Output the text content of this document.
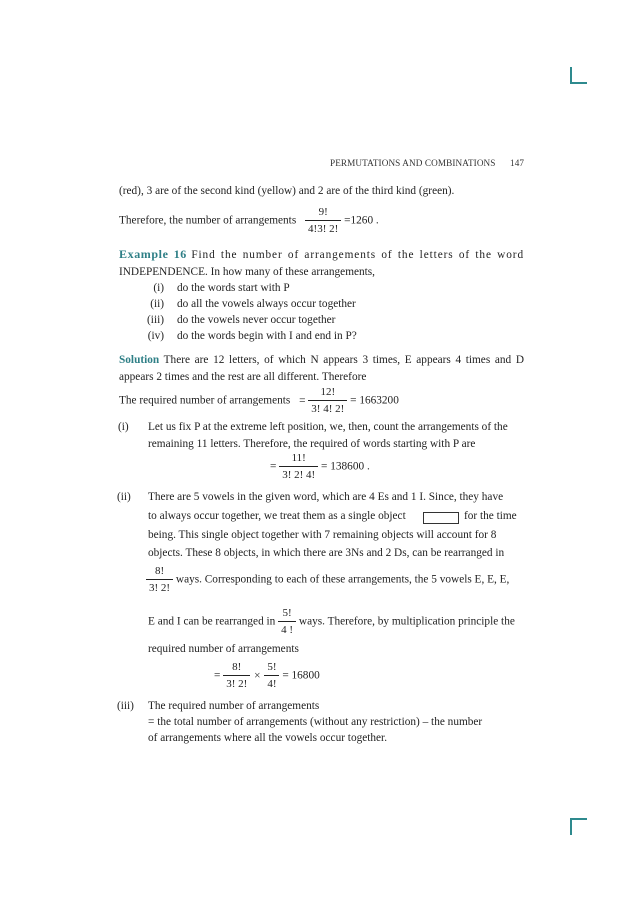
PERMUTATIONS AND COMBINATIONS 147
(red), 3 are of the second kind (yellow) and 2 are of the third kind (green).
Therefore, the number of arrangements $\frac{9!}{4!3! 2!} =1260$ .
Example 16 Find the number of arrangements of the letters of the word
INDEPENDENCE. In how many of these arrangements,
(i) do the words start with P
(ii) do all the vowels always occur together
(iii) do the vowels never occur together
(iv) do the words begin with I and end in P?
Solution There are 12 letters, of which N appears 3 times, E appears 4 times and D
appears 2 times and the rest are all different. Therefore
The required number of arrangements = $\frac{12!}{3! 4! 2!} = 1663200$
(i) Let us fix P at the extreme left position, we, then, count the arrangements of the
remaining 11 letters. Therefore, the required of words starting with P are
= $\frac{11!}{3! 2! 4!} = 138600$ .
(ii) There are 5 vowels in the given word, which are 4 Es and 1 I. Since, they have
to always occur together, we treat them as a single object	for the time
being. This single object together with 7 remaining objects will account for 8
objects. These 8 objects, in which there are 3Ns and 2 Ds, can be rearranged in
$\frac{8!}{3! 2!}$ ways. Corresponding to each of these arrangements, the 5 vowels E, E, E,
E and I can be rearranged in $\frac{5!}{4 !}$ ways. Therefore, by multiplication principle the
required number of arrangements
= $\frac{8!}{3! 2!} \times \frac{5!}{4!} = 16800$
(iii) The required number of arrangements
= the total number of arrangements (without any restriction) – the number
of arrangements where all the vowels occur together.
